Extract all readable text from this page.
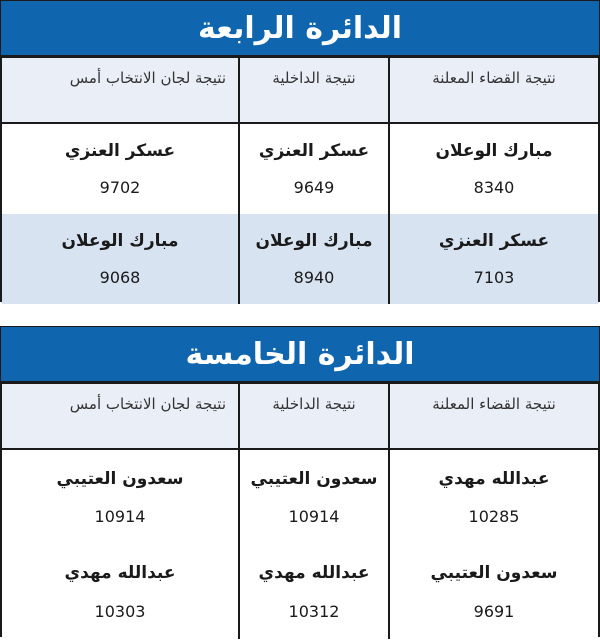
الدائرة الرابعة
نتيجة القضاء المعلنة
نتيجة الداخلية
نتيجة لجان الانتخاب أمس
مبارك الوعلان
8340
عسكر العنزي
9649
عسكر العنزي
9702
عسكر العنزي
7103
مبارك الوعلان
8940
مبارك الوعلان
9068
الدائرة الخامسة
نتيجة القضاء المعلنة
نتيجة الداخلية
نتيجة لجان الانتخاب أمس
عبدالله مهدي
10285
سعدون العتيبي
10914
سعدون العتيبي
10914
سعدون العتيبي
9691
عبدالله مهدي
10312
عبدالله مهدي
10303
